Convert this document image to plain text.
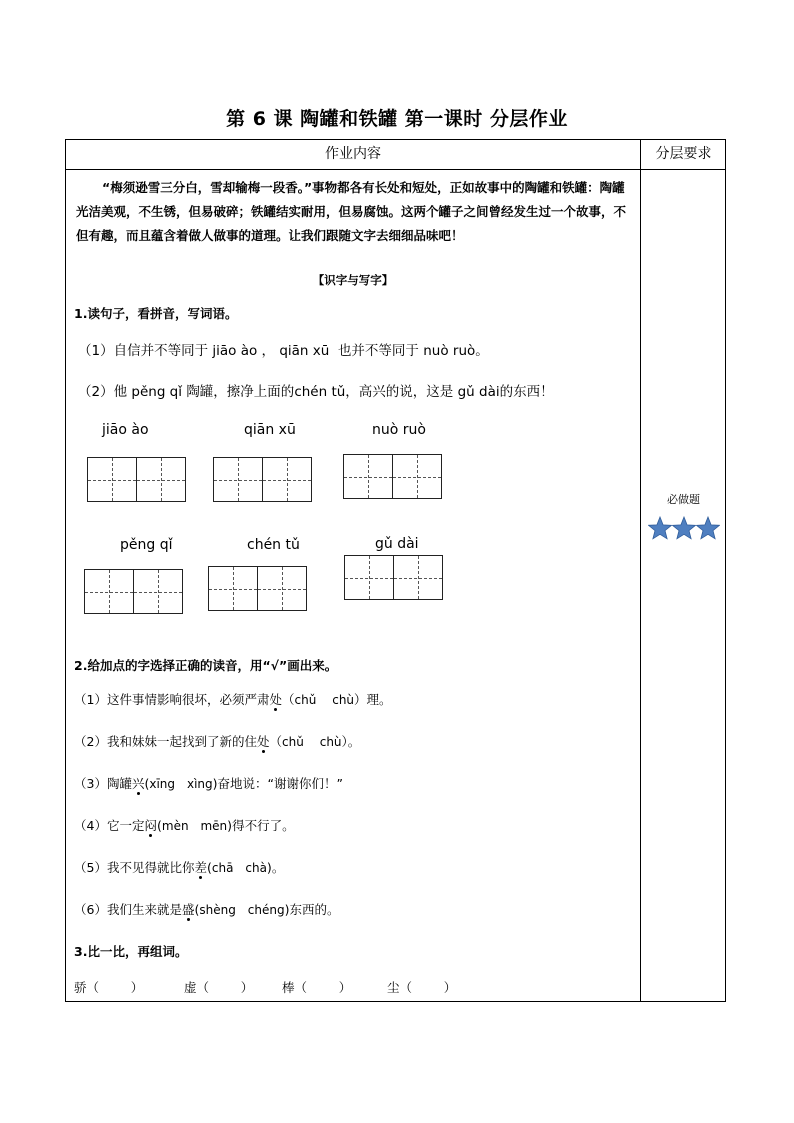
第 6 课 陶罐和铁罐 第一课时 分层作业
作业内容	分层要求
“梅须逊雪三分白，雪却输梅一段香。”事物都各有长处和短处，正如故事中的陶罐和铁罐：陶罐光洁美观，不生锈，但易破碎；铁罐结实耐用，但易腐蚀。这两个罐子之间曾经发生过一个故事，不但有趣，而且蕴含着做人做事的道理。让我们跟随文字去细细品味吧！
【识字与写字】
1.读句子，看拼音，写词语。
（1）自信并不等同于 jiāo ào ， qiān xū 也并不等同于 nuò ruò。
（2）他 pěng qǐ 陶罐，擦净上面的chén tǔ，高兴的说，这是 gǔ dài的东西！
jiāo ào	qiān xū	nuò ruò
pěng qǐ	chén tǔ	gǔ dài
2.给加点的字选择正确的读音，用“√”画出来。
（1）这件事情影响很坏，必须严肃处（chǔ chù）理。
（2）我和妹妹一起找到了新的住处（chǔ chù）。
（3）陶罐兴(xīng xìng)奋地说：“谢谢你们！”
（4）它一定闷(mèn mēn)得不行了。
（5）我不见得就比你差(chā chà)。
（6）我们生来就是盛(shèng chéng)东西的。
3.比一比，再组词。
骄（        ）	虚（        ） 棒（        ）	尘（        ）
必做题
